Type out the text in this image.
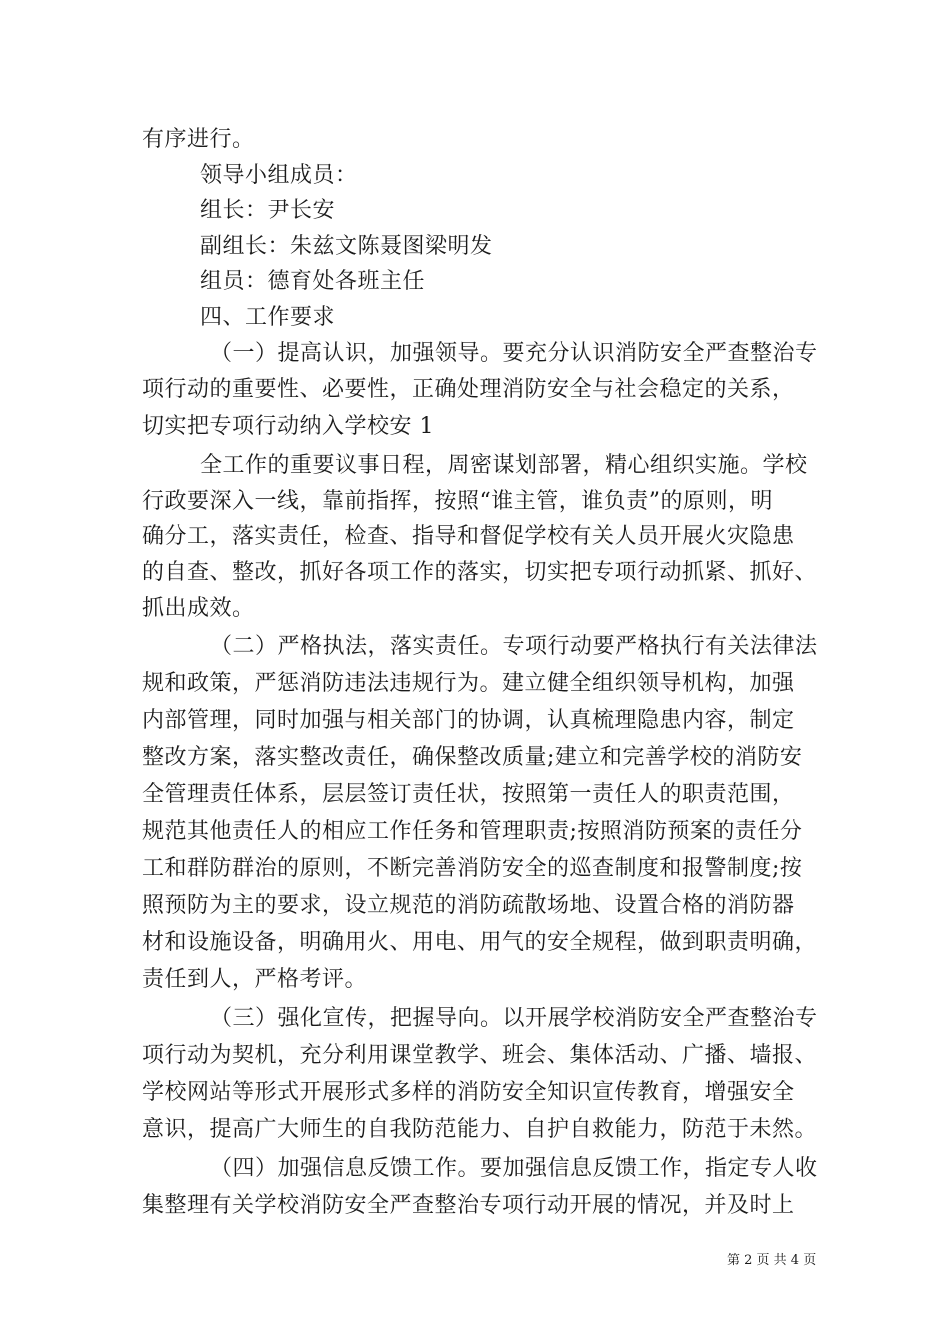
有序进行。
领导小组成员：
组长：尹长安
副组长：朱兹文陈聂图梁明发
组员：德育处各班主任
四、工作要求
（一）提高认识，加强领导。要充分认识消防安全严查整治专
项行动的重要性、必要性，正确处理消防安全与社会稳定的关系，
切实把专项行动纳入学校安 1
全工作的重要议事日程，周密谋划部署，精心组织实施。学校
行政要深入一线，靠前指挥，按照“谁主管，谁负责”的原则，明
确分工，落实责任，检查、指导和督促学校有关人员开展火灾隐患
的自查、整改，抓好各项工作的落实，切实把专项行动抓紧、抓好、
抓出成效。
（二）严格执法，落实责任。专项行动要严格执行有关法律法
规和政策，严惩消防违法违规行为。建立健全组织领导机构，加强
内部管理，同时加强与相关部门的协调，认真梳理隐患内容，制定
整改方案，落实整改责任，确保整改质量;建立和完善学校的消防安
全管理责任体系，层层签订责任状，按照第一责任人的职责范围，
规范其他责任人的相应工作任务和管理职责;按照消防预案的责任分
工和群防群治的原则，不断完善消防安全的巡查制度和报警制度;按
照预防为主的要求，设立规范的消防疏散场地、设置合格的消防器
材和设施设备，明确用火、用电、用气的安全规程，做到职责明确，
责任到人，严格考评。
（三）强化宣传，把握导向。以开展学校消防安全严查整治专
项行动为契机，充分利用课堂教学、班会、集体活动、广播、墙报、
学校网站等形式开展形式多样的消防安全知识宣传教育，增强安全
意识，提高广大师生的自我防范能力、自护自救能力，防范于未然。
（四）加强信息反馈工作。要加强信息反馈工作，指定专人收
集整理有关学校消防安全严查整治专项行动开展的情况，并及时上
第 2 页 共 4 页
